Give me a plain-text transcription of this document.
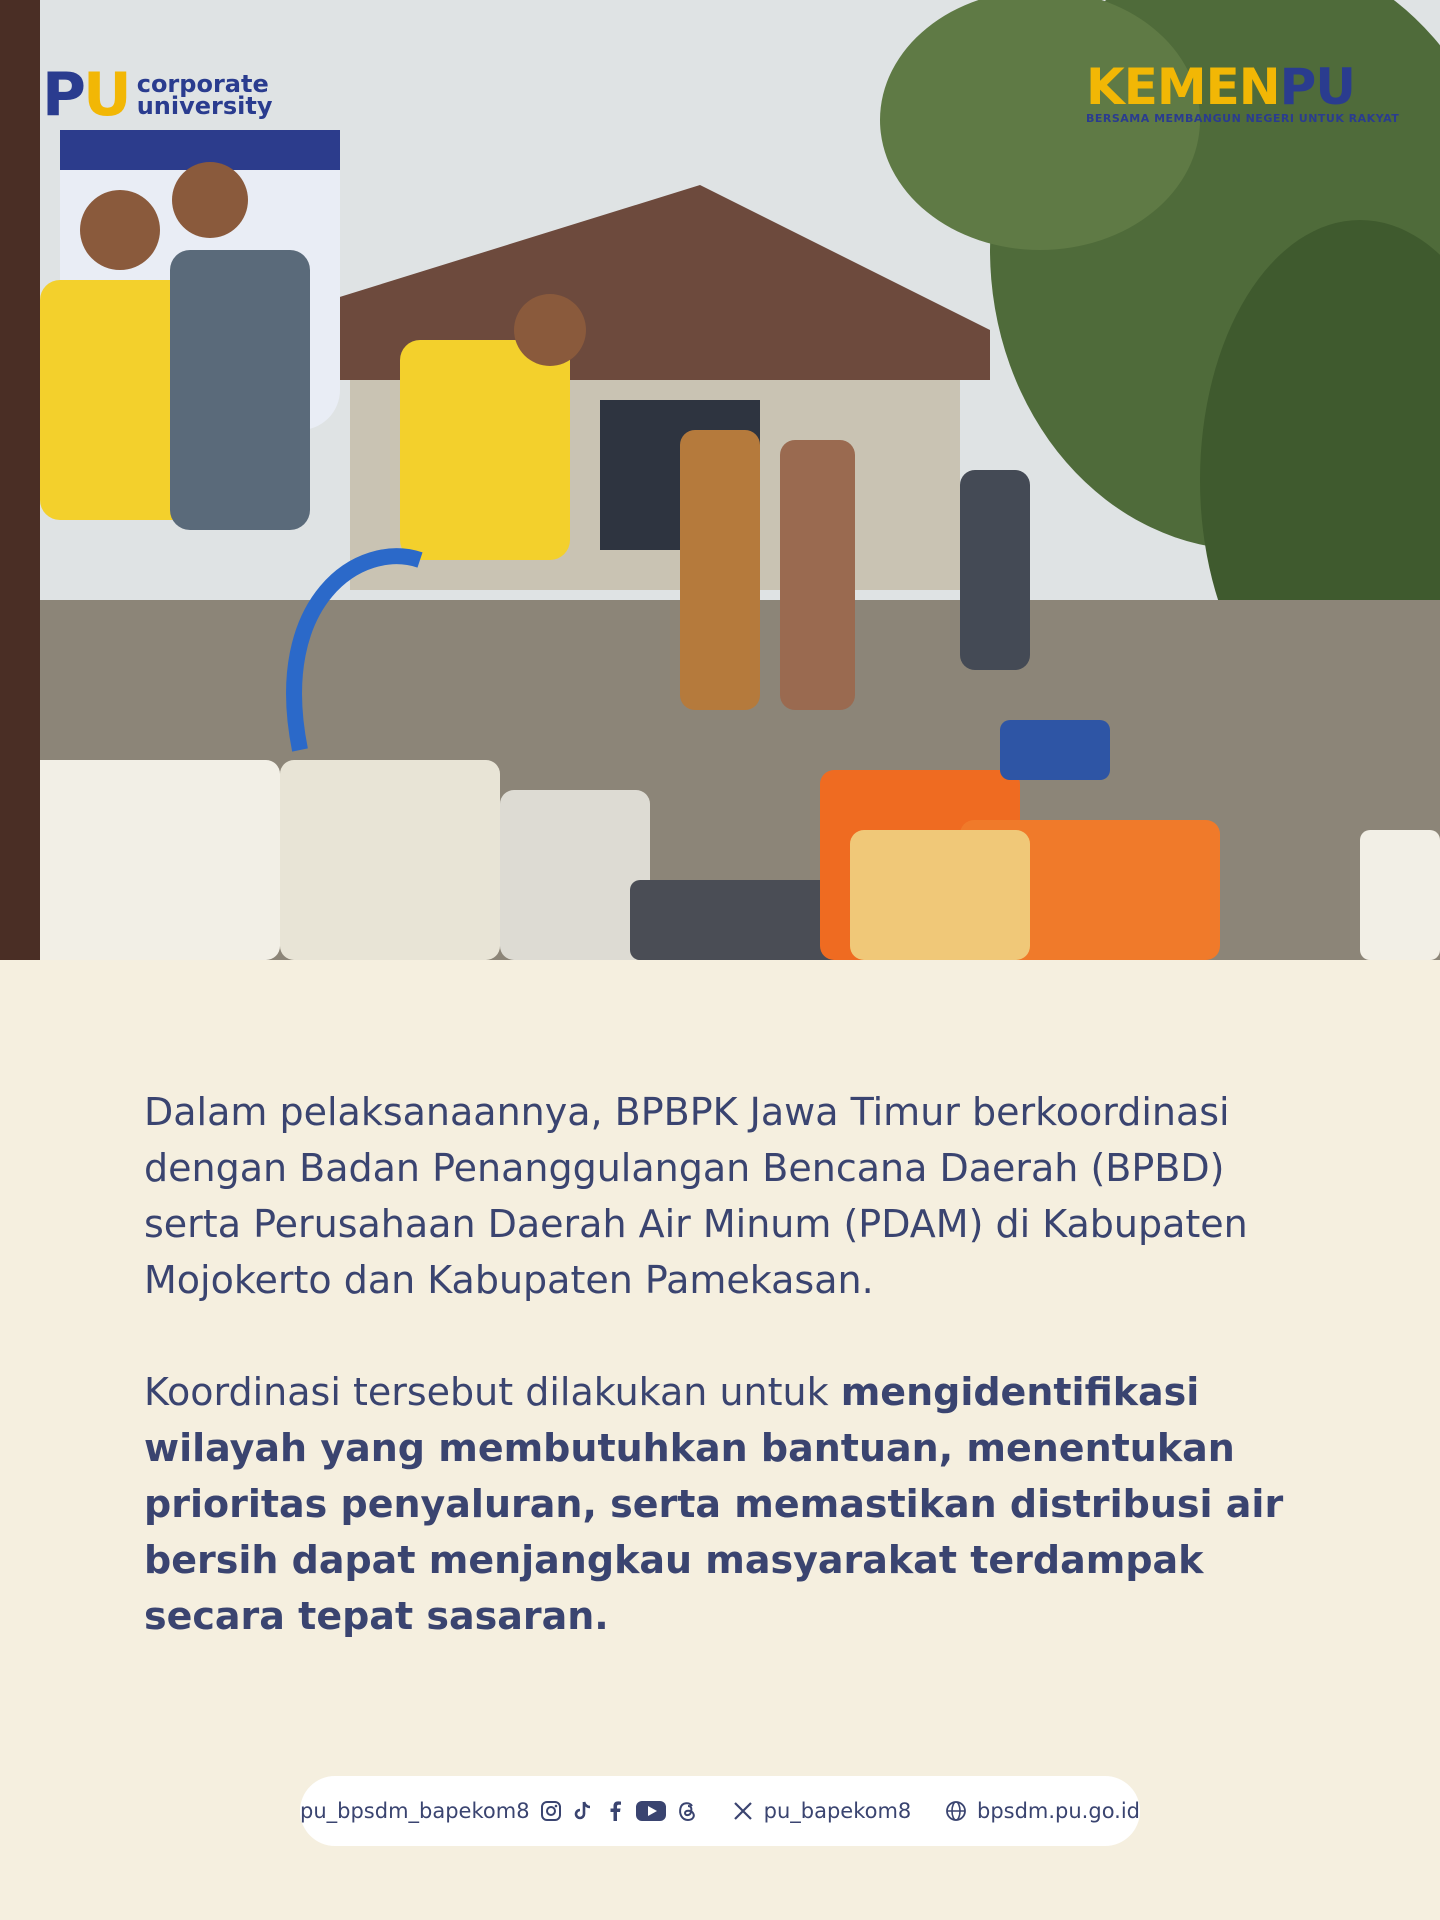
PU corporate
university	KEMENPU
BERSAMA MEMBANGUN NEGERI UNTUK RAKYAT

Dalam pelaksanaannya, BPBPK Jawa Timur berkoordinasi dengan Badan Penanggulangan Bencana Daerah (BPBD) serta Perusahaan Daerah Air Minum (PDAM) di Kabupaten Mojokerto dan Kabupaten Pamekasan.

Koordinasi tersebut dilakukan untuk mengidentifikasi wilayah yang membutuhkan bantuan, menentukan prioritas penyaluran, serta memastikan distribusi air bersih dapat menjangkau masyarakat terdampak secara tepat sasaran.

pu_bpsdm_bapekom8	pu_bapekom8	bpsdm.pu.go.id
